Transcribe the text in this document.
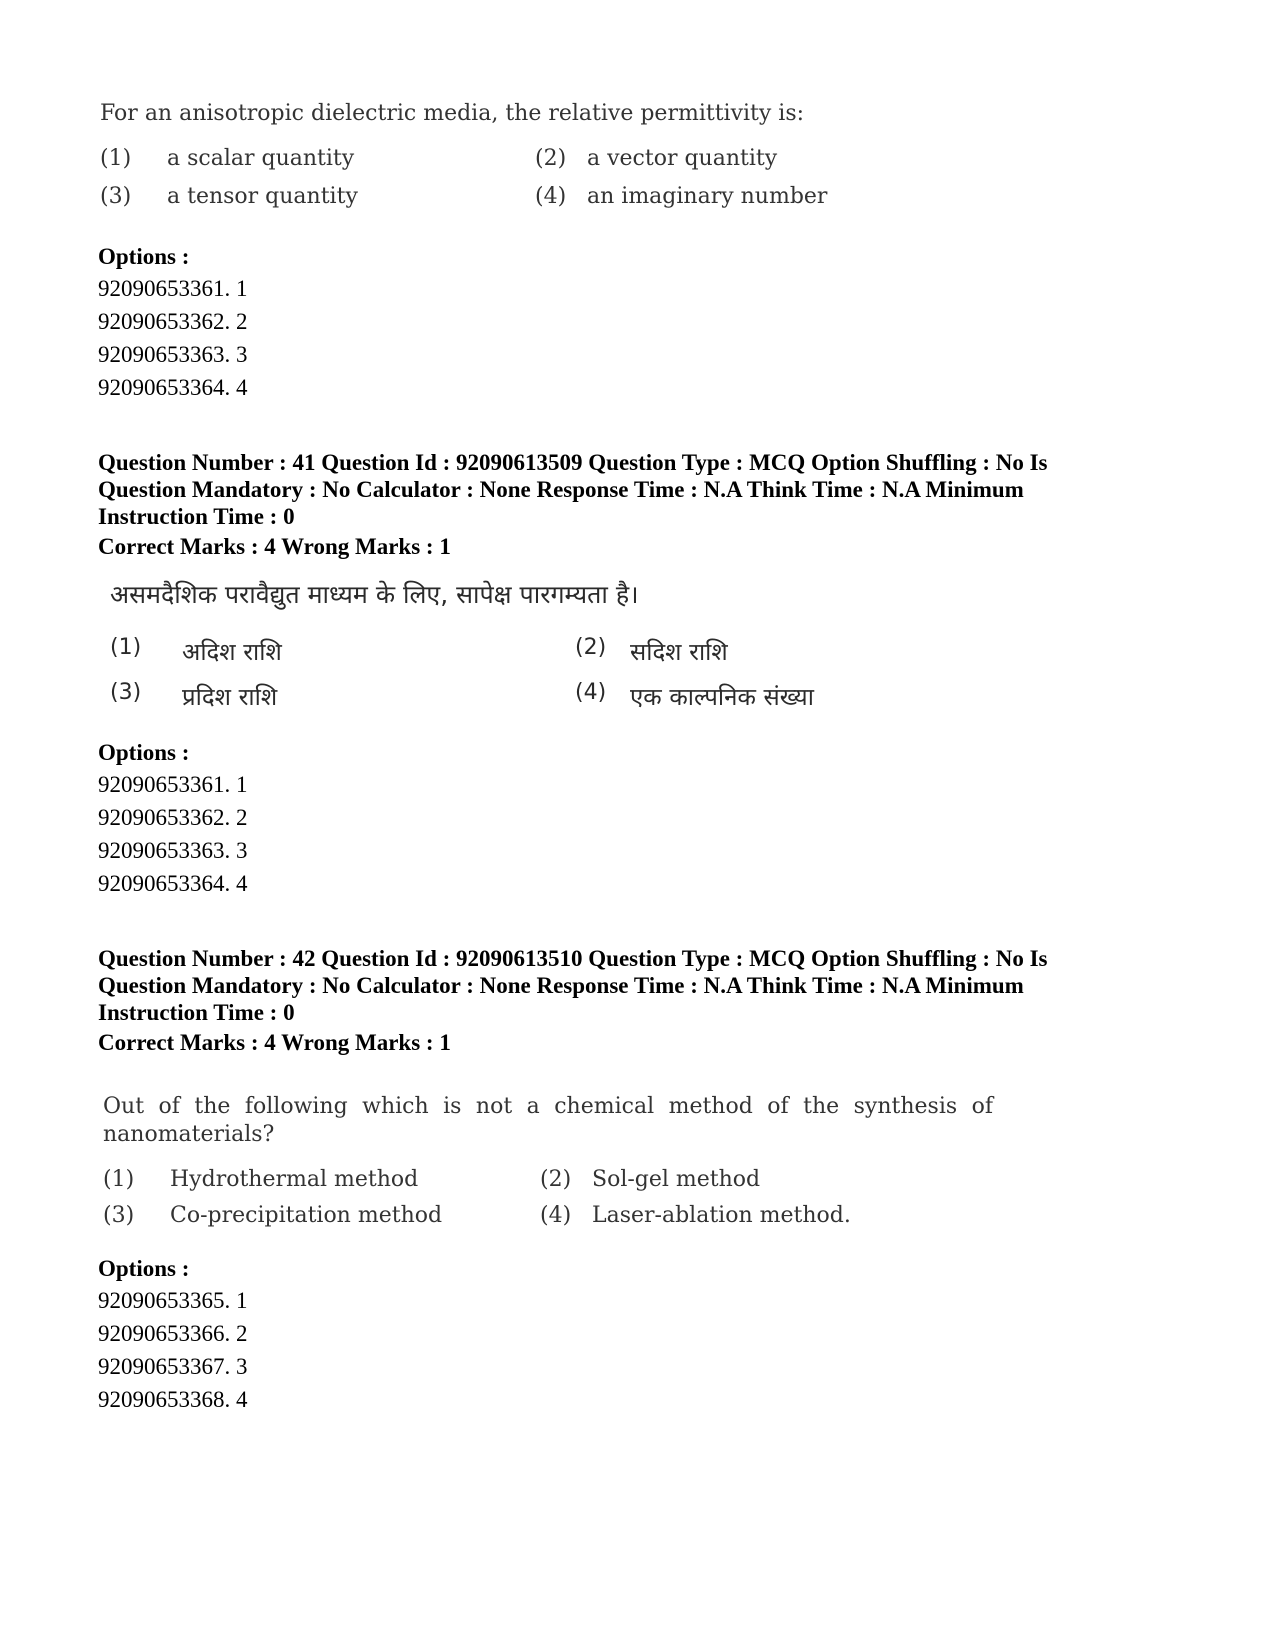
For an anisotropic dielectric media, the relative permittivity is:
(1) a scalar quantity	(2) a vector quantity
(3) a tensor quantity	(4) an imaginary number
Options :
92090653361. 1
92090653362. 2
92090653363. 3
92090653364. 4
Question Number : 41 Question Id : 92090613509 Question Type : MCQ Option Shuffling : No Is Question Mandatory : No Calculator : None Response Time : N.A Think Time : N.A Minimum Instruction Time : 0
Correct Marks : 4 Wrong Marks : 1
असमदैशिक परावैद्युत माध्यम के लिए, सापेक्ष पारगम्यता है।
(1) अदिश राशि	(2) सदिश राशि
(3) प्रदिश राशि	(4) एक काल्पनिक संख्या
Options :
92090653361. 1
92090653362. 2
92090653363. 3
92090653364. 4
Question Number : 42 Question Id : 92090613510 Question Type : MCQ Option Shuffling : No Is Question Mandatory : No Calculator : None Response Time : N.A Think Time : N.A Minimum Instruction Time : 0
Correct Marks : 4 Wrong Marks : 1
Out of the following which is not a chemical method of the synthesis of
nanomaterials?
(1) Hydrothermal method	(2) Sol-gel method
(3) Co-precipitation method	(4) Laser-ablation method.
Options :
92090653365. 1
92090653366. 2
92090653367. 3
92090653368. 4
